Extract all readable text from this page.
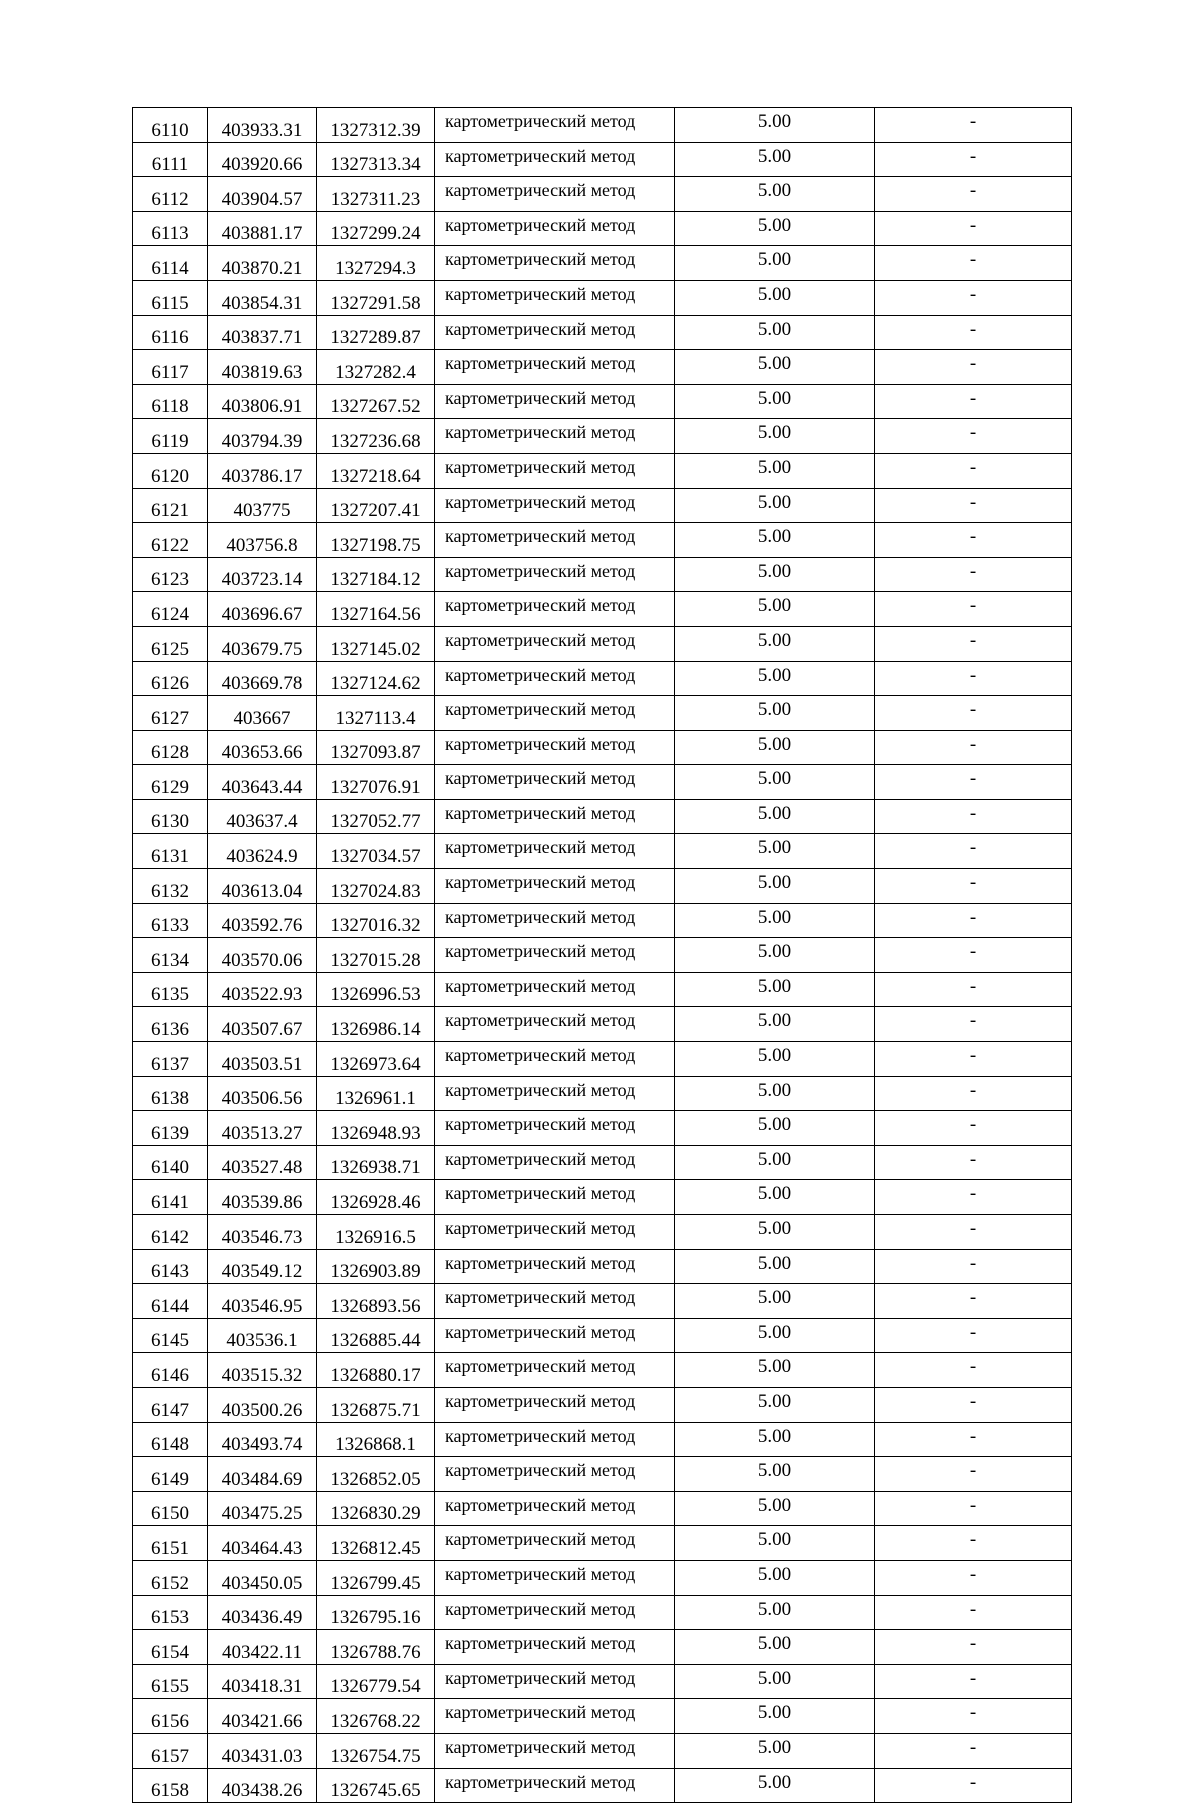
6110	403933.31	1327312.39	картометрический метод	5.00	-
6111	403920.66	1327313.34	картометрический метод	5.00	-
6112	403904.57	1327311.23	картометрический метод	5.00	-
6113	403881.17	1327299.24	картометрический метод	5.00	-
6114	403870.21	1327294.3	картометрический метод	5.00	-
6115	403854.31	1327291.58	картометрический метод	5.00	-
6116	403837.71	1327289.87	картометрический метод	5.00	-
6117	403819.63	1327282.4	картометрический метод	5.00	-
6118	403806.91	1327267.52	картометрический метод	5.00	-
6119	403794.39	1327236.68	картометрический метод	5.00	-
6120	403786.17	1327218.64	картометрический метод	5.00	-
6121	403775	1327207.41	картометрический метод	5.00	-
6122	403756.8	1327198.75	картометрический метод	5.00	-
6123	403723.14	1327184.12	картометрический метод	5.00	-
6124	403696.67	1327164.56	картометрический метод	5.00	-
6125	403679.75	1327145.02	картометрический метод	5.00	-
6126	403669.78	1327124.62	картометрический метод	5.00	-
6127	403667	1327113.4	картометрический метод	5.00	-
6128	403653.66	1327093.87	картометрический метод	5.00	-
6129	403643.44	1327076.91	картометрический метод	5.00	-
6130	403637.4	1327052.77	картометрический метод	5.00	-
6131	403624.9	1327034.57	картометрический метод	5.00	-
6132	403613.04	1327024.83	картометрический метод	5.00	-
6133	403592.76	1327016.32	картометрический метод	5.00	-
6134	403570.06	1327015.28	картометрический метод	5.00	-
6135	403522.93	1326996.53	картометрический метод	5.00	-
6136	403507.67	1326986.14	картометрический метод	5.00	-
6137	403503.51	1326973.64	картометрический метод	5.00	-
6138	403506.56	1326961.1	картометрический метод	5.00	-
6139	403513.27	1326948.93	картометрический метод	5.00	-
6140	403527.48	1326938.71	картометрический метод	5.00	-
6141	403539.86	1326928.46	картометрический метод	5.00	-
6142	403546.73	1326916.5	картометрический метод	5.00	-
6143	403549.12	1326903.89	картометрический метод	5.00	-
6144	403546.95	1326893.56	картометрический метод	5.00	-
6145	403536.1	1326885.44	картометрический метод	5.00	-
6146	403515.32	1326880.17	картометрический метод	5.00	-
6147	403500.26	1326875.71	картометрический метод	5.00	-
6148	403493.74	1326868.1	картометрический метод	5.00	-
6149	403484.69	1326852.05	картометрический метод	5.00	-
6150	403475.25	1326830.29	картометрический метод	5.00	-
6151	403464.43	1326812.45	картометрический метод	5.00	-
6152	403450.05	1326799.45	картометрический метод	5.00	-
6153	403436.49	1326795.16	картометрический метод	5.00	-
6154	403422.11	1326788.76	картометрический метод	5.00	-
6155	403418.31	1326779.54	картометрический метод	5.00	-
6156	403421.66	1326768.22	картометрический метод	5.00	-
6157	403431.03	1326754.75	картометрический метод	5.00	-
6158	403438.26	1326745.65	картометрический метод	5.00	-
